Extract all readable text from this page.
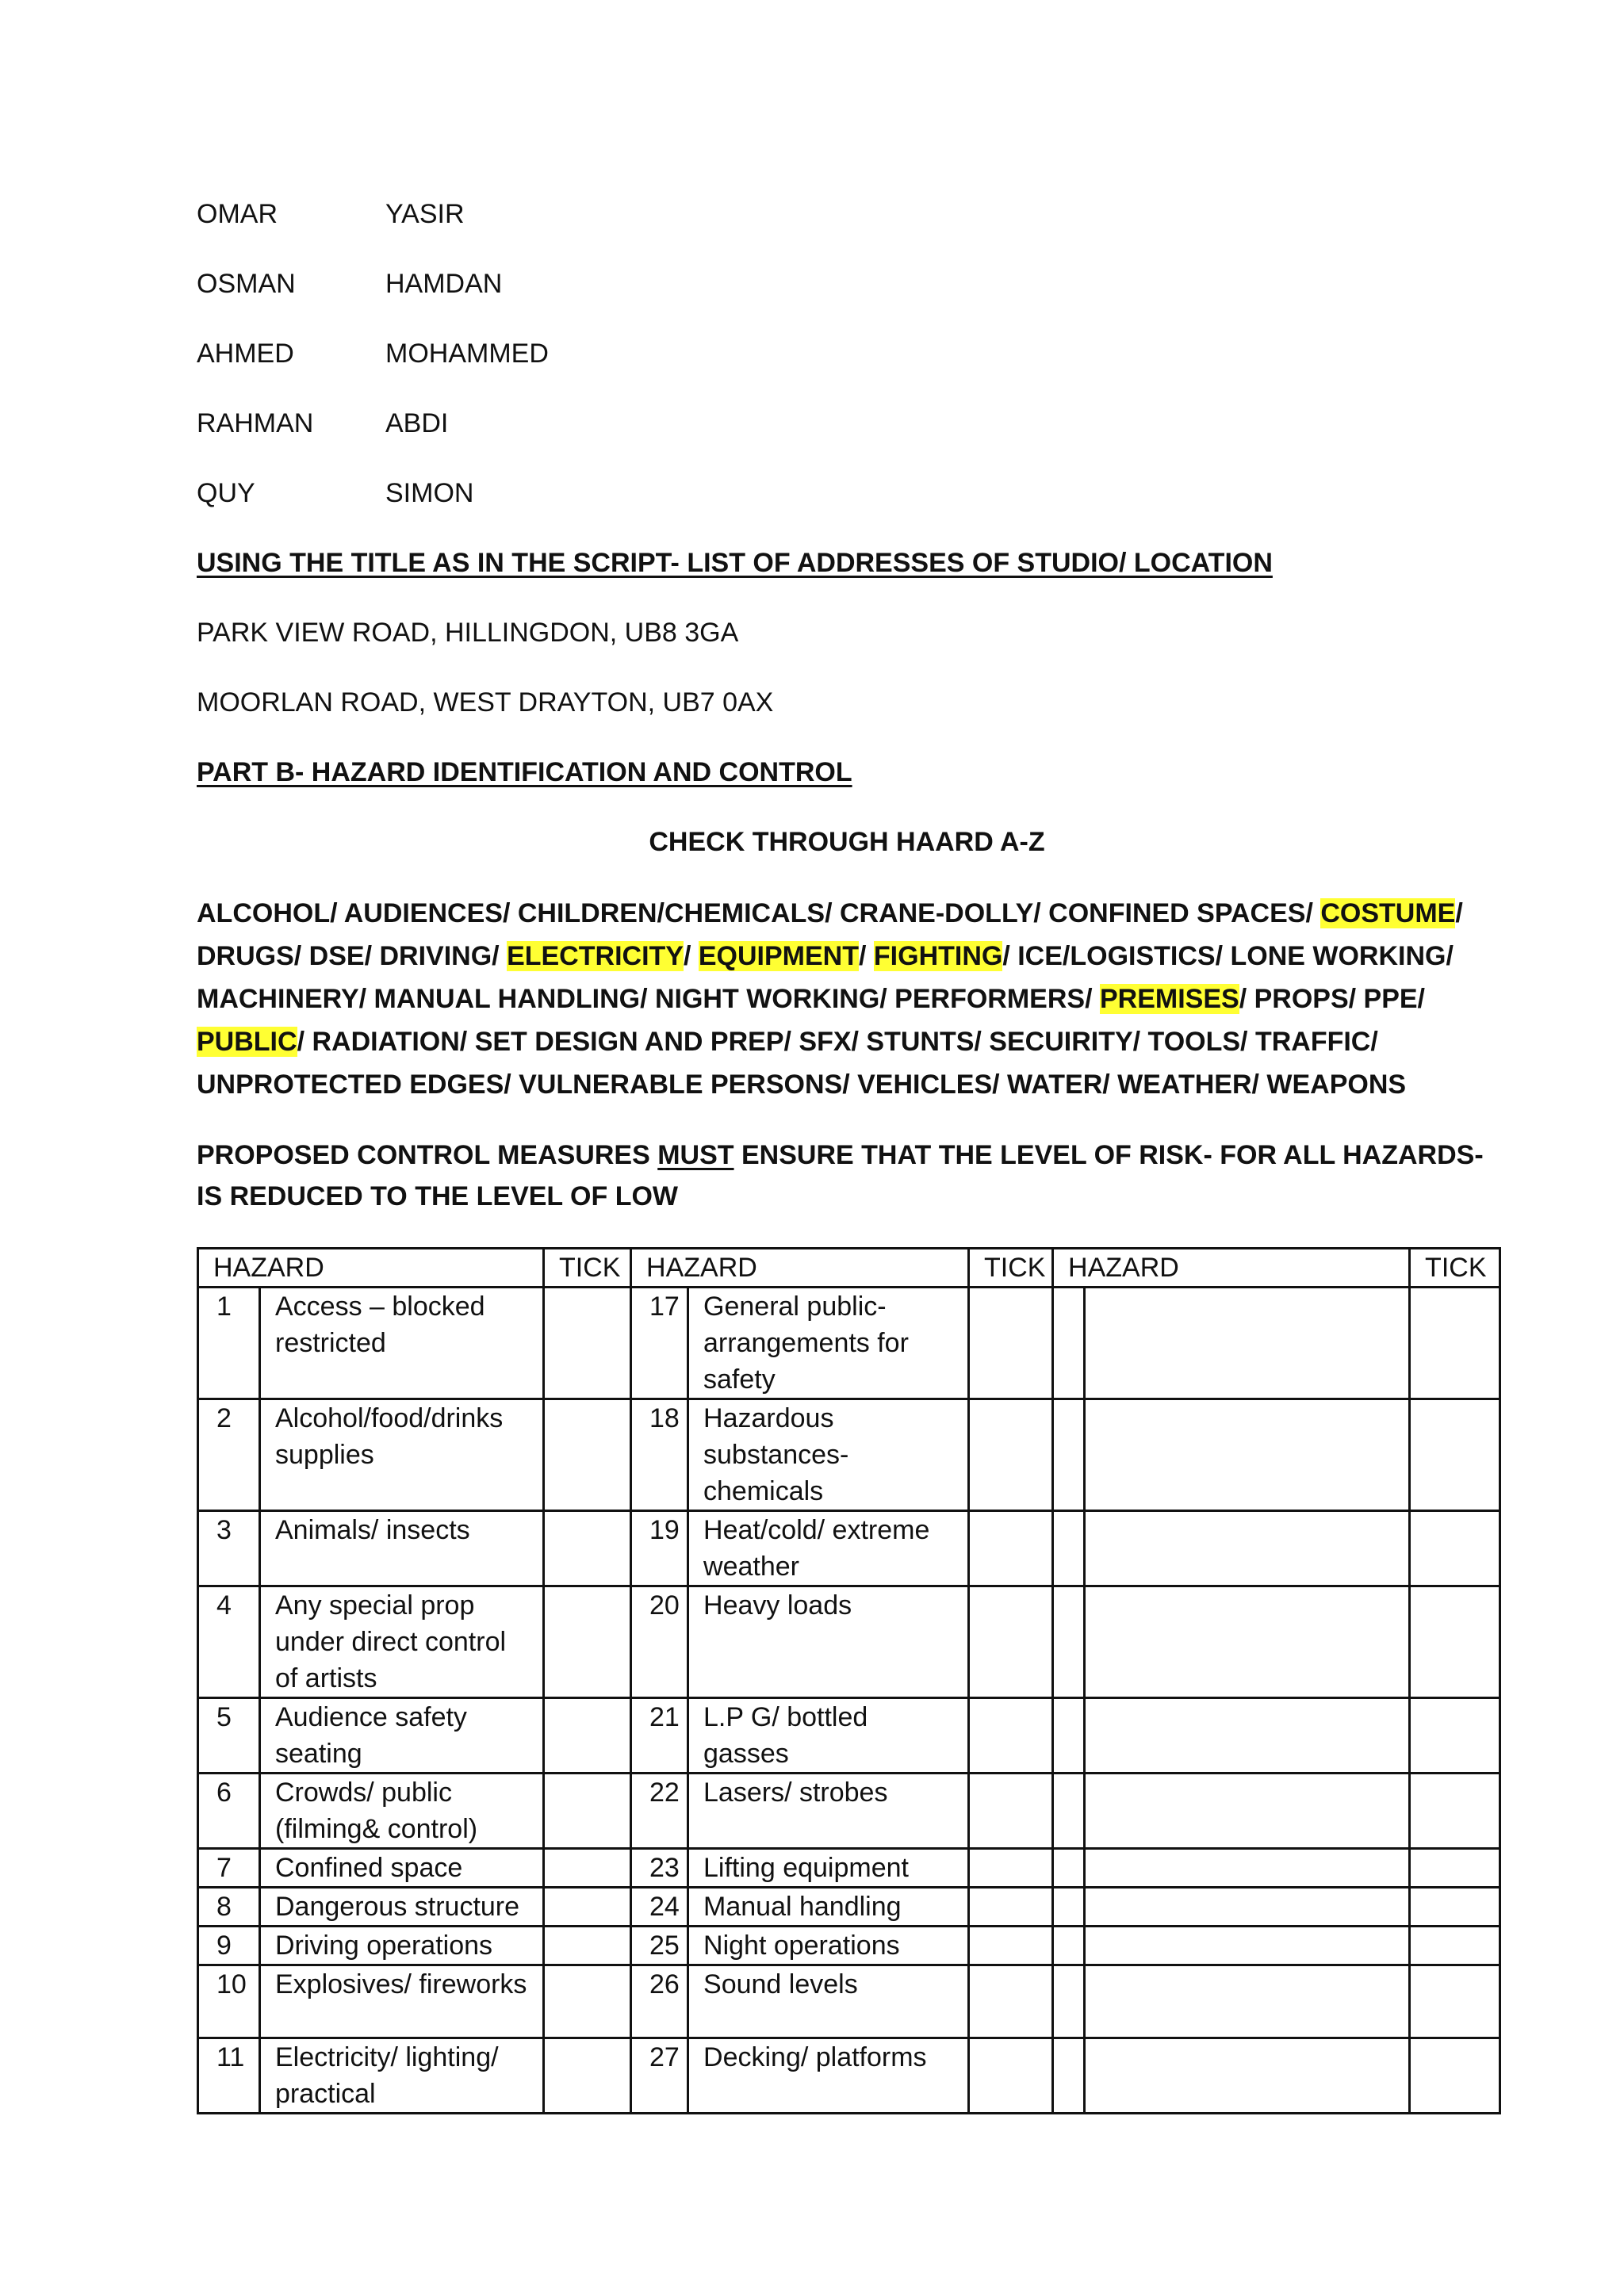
OMAR	YASIR
OSMAN	HAMDAN
AHMED	MOHAMMED
RAHMAN	ABDI
QUY	SIMON
USING THE TITLE AS IN THE SCRIPT- LIST OF ADDRESSES OF STUDIO/ LOCATION
PARK VIEW ROAD, HILLINGDON, UB8 3GA
MOORLAN ROAD, WEST DRAYTON, UB7 0AX
PART B- HAZARD IDENTIFICATION AND CONTROL
CHECK THROUGH HAARD A-Z
ALCOHOL/ AUDIENCES/ CHILDREN/CHEMICALS/ CRANE-DOLLY/ CONFINED SPACES/ COSTUME/ DRUGS/ DSE/ DRIVING/ ELECTRICITY/ EQUIPMENT/ FIGHTING/ ICE/LOGISTICS/ LONE WORKING/ MACHINERY/ MANUAL HANDLING/ NIGHT WORKING/ PERFORMERS/ PREMISES/ PROPS/ PPE/ PUBLIC/ RADIATION/ SET DESIGN AND PREP/ SFX/ STUNTS/ SECUIRITY/ TOOLS/ TRAFFIC/ UNPROTECTED EDGES/ VULNERABLE PERSONS/ VEHICLES/ WATER/ WEATHER/ WEAPONS
PROPOSED CONTROL MEASURES MUST ENSURE THAT THE LEVEL OF RISK- FOR ALL HAZARDS- IS REDUCED TO THE LEVEL OF LOW
HAZARD		TICK	HAZARD		TICK	HAZARD		TICK
1	Access – blocked restricted		17	General public- arrangements for safety				
2	Alcohol/food/drinks supplies		18	Hazardous substances- chemicals				
3	Animals/ insects		19	Heat/cold/ extreme weather				
4	Any special prop under direct control of artists		20	Heavy loads				
5	Audience safety seating		21	L.P G/ bottled gasses				
6	Crowds/ public (filming& control)		22	Lasers/ strobes				
7	Confined space		23	Lifting equipment				
8	Dangerous structure		24	Manual handling				
9	Driving operations		25	Night operations				
10	Explosives/ fireworks		26	Sound levels				
11	Electricity/ lighting/ practical		27	Decking/ platforms				
